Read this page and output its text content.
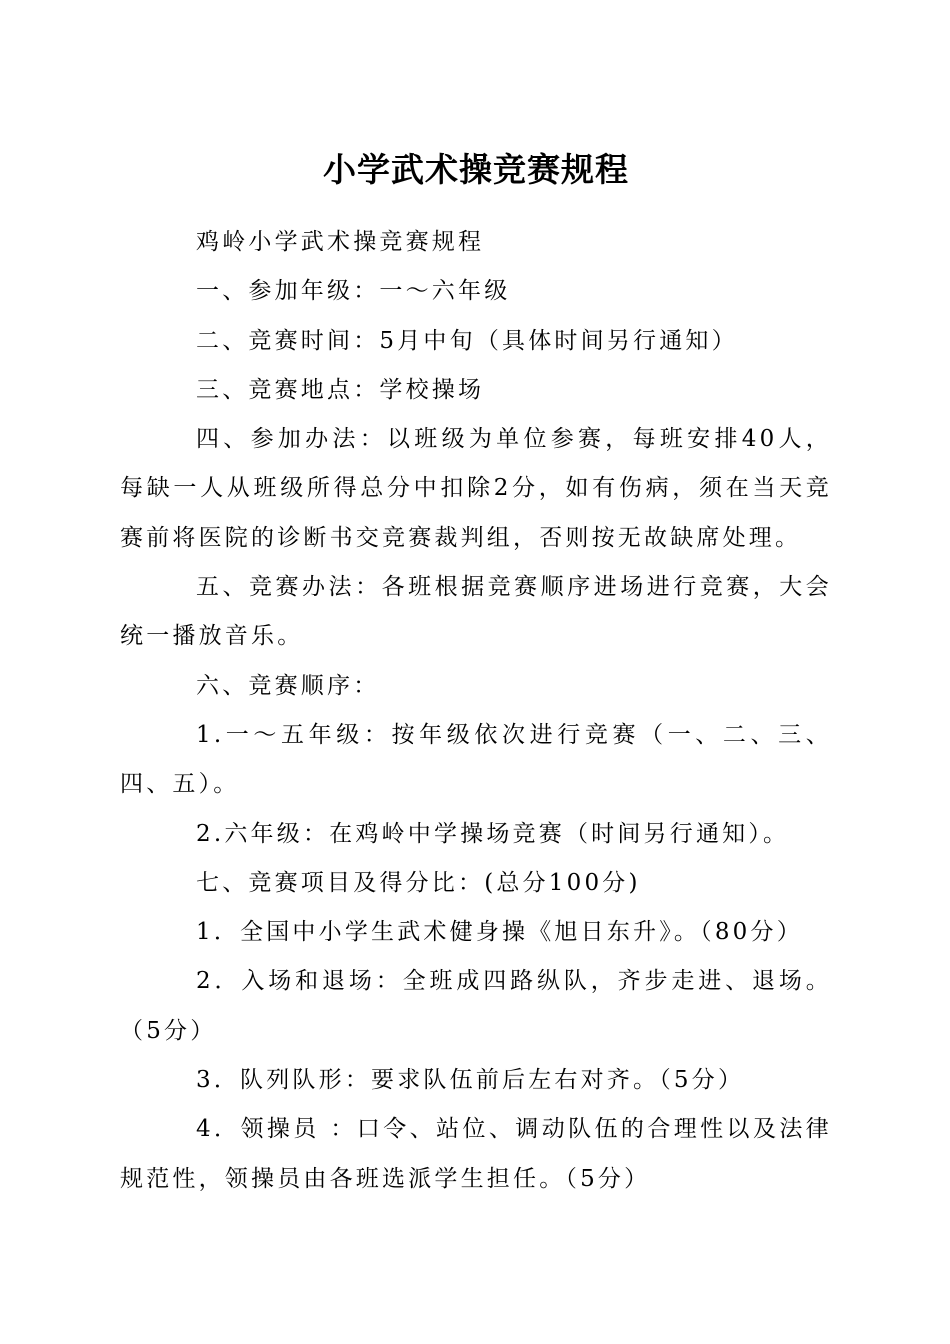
小学武术操竞赛规程

鸡岭小学武术操竞赛规程

一、参加年级：一～六年级

二、竞赛时间：5月中旬（具体时间另行通知）

三、竞赛地点：学校操场

四、参加办法：以班级为单位参赛，每班安排40人，每缺一人从班级所得总分中扣除2分，如有伤病，须在当天竞赛前将医院的诊断书交竞赛裁判组，否则按无故缺席处理。

五、竞赛办法：各班根据竞赛顺序进场进行竞赛，大会统一播放音乐。

六、竞赛顺序：

1.一～五年级：按年级依次进行竞赛（一、二、三、四、五）。

2.六年级：在鸡岭中学操场竞赛（时间另行通知）。

七、竞赛项目及得分比：(总分100分)

1．全国中小学生武术健身操《旭日东升》。（80分）

2．入场和退场：全班成四路纵队，齐步走进、退场。（5分）

3．队列队形：要求队伍前后左右对齐。（5分）

4．领操员 ：口令、站位、调动队伍的合理性以及法律规范性，领操员由各班选派学生担任。（5分）
